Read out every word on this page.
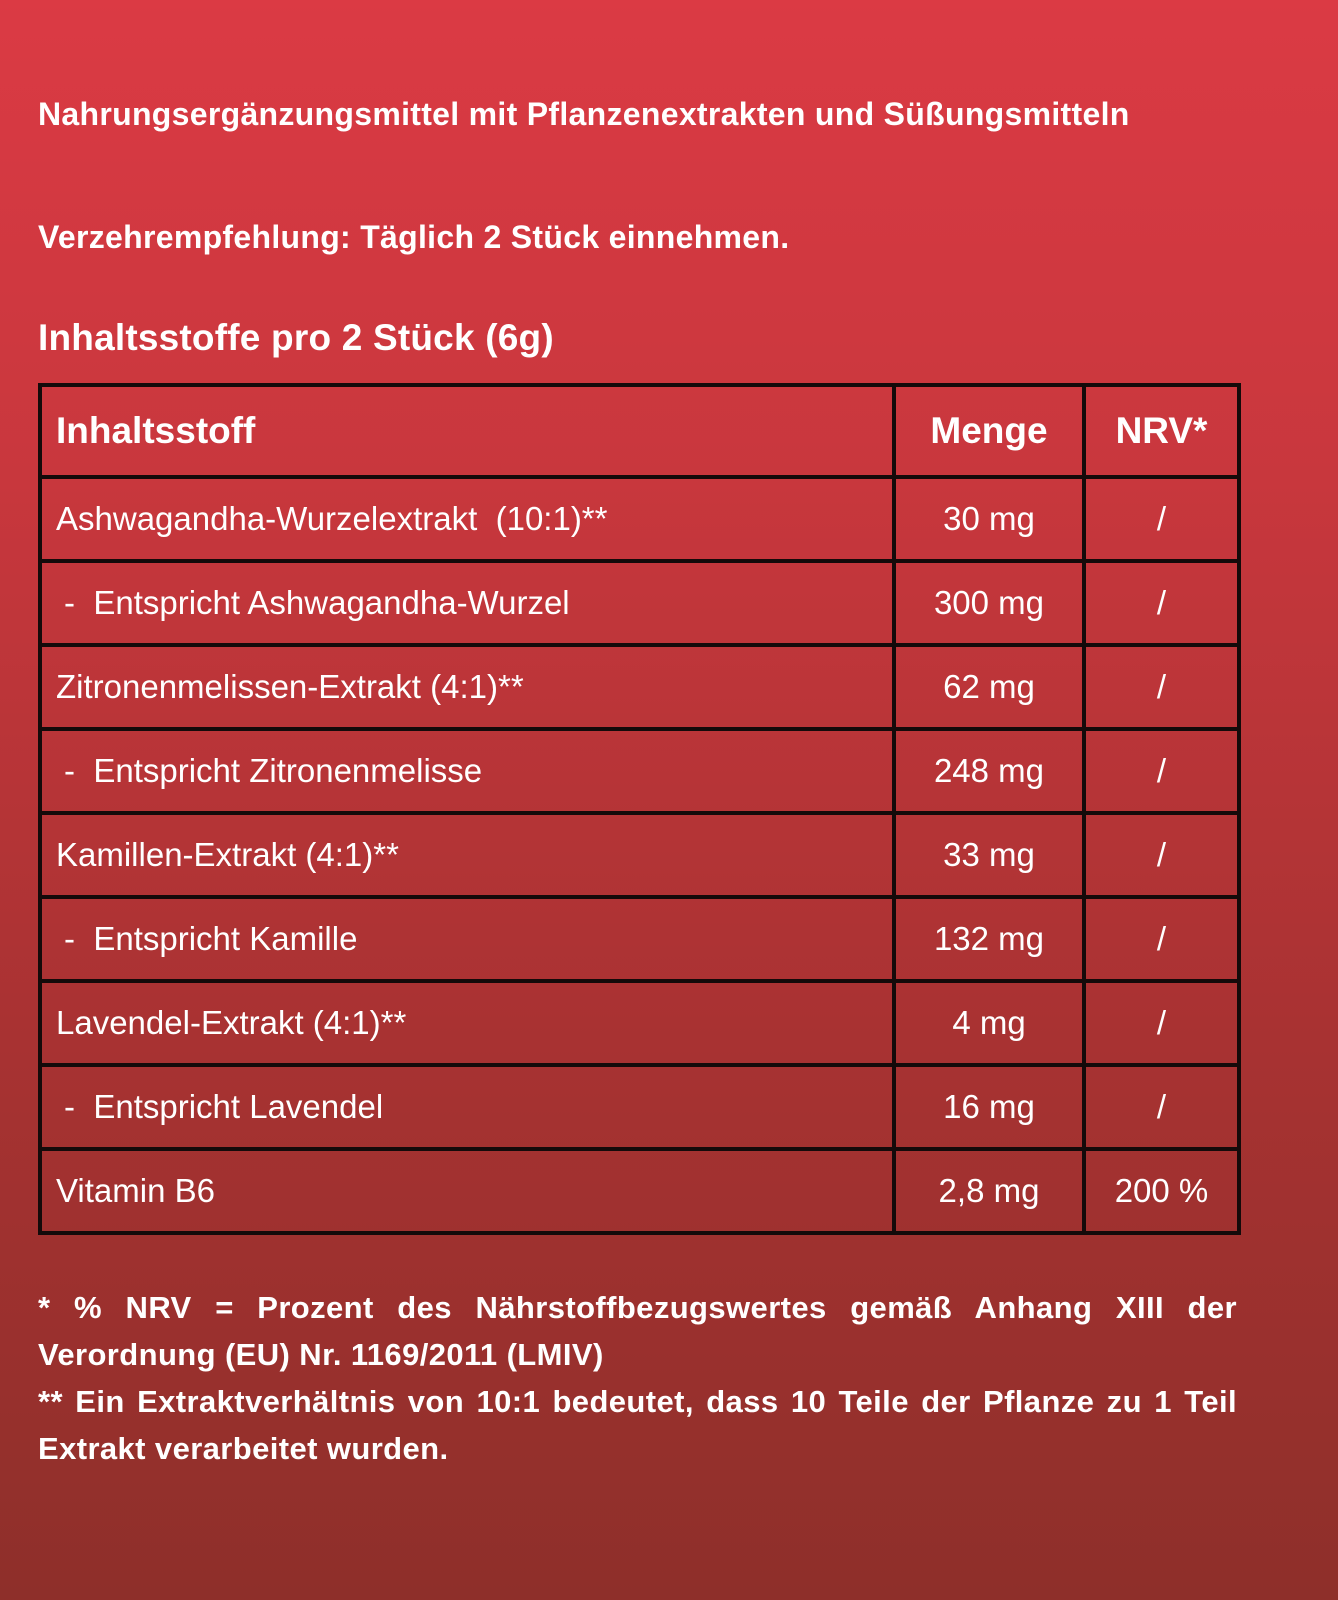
Nahrungsergänzungsmittel mit Pflanzenextrakten und Süßungsmitteln
Verzehrempfehlung: Täglich 2 Stück einnehmen.
Inhaltsstoffe pro 2 Stück (6g)
Inhaltsstoff	Menge	NRV*
Ashwagandha-Wurzelextrakt  (10:1)**	30 mg	/
-  Entspricht Ashwagandha-Wurzel	300 mg	/
Zitronenmelissen-Extrakt (4:1)**	62 mg	/
-  Entspricht Zitronenmelisse	248 mg	/
Kamillen-Extrakt (4:1)**	33 mg	/
-  Entspricht Kamille	132 mg	/
Lavendel-Extrakt (4:1)**	4 mg	/
-  Entspricht Lavendel	16 mg	/
Vitamin B6	2,8 mg	200 %

* % NRV = Prozent des Nährstoffbezugswertes gemäß Anhang XIII der Verordnung (EU) Nr. 1169/2011 (LMIV)

** Ein Extraktverhältnis von 10:1 bedeutet, dass 10 Teile der Pflanze zu 1 Teil Extrakt verarbeitet wurden.
